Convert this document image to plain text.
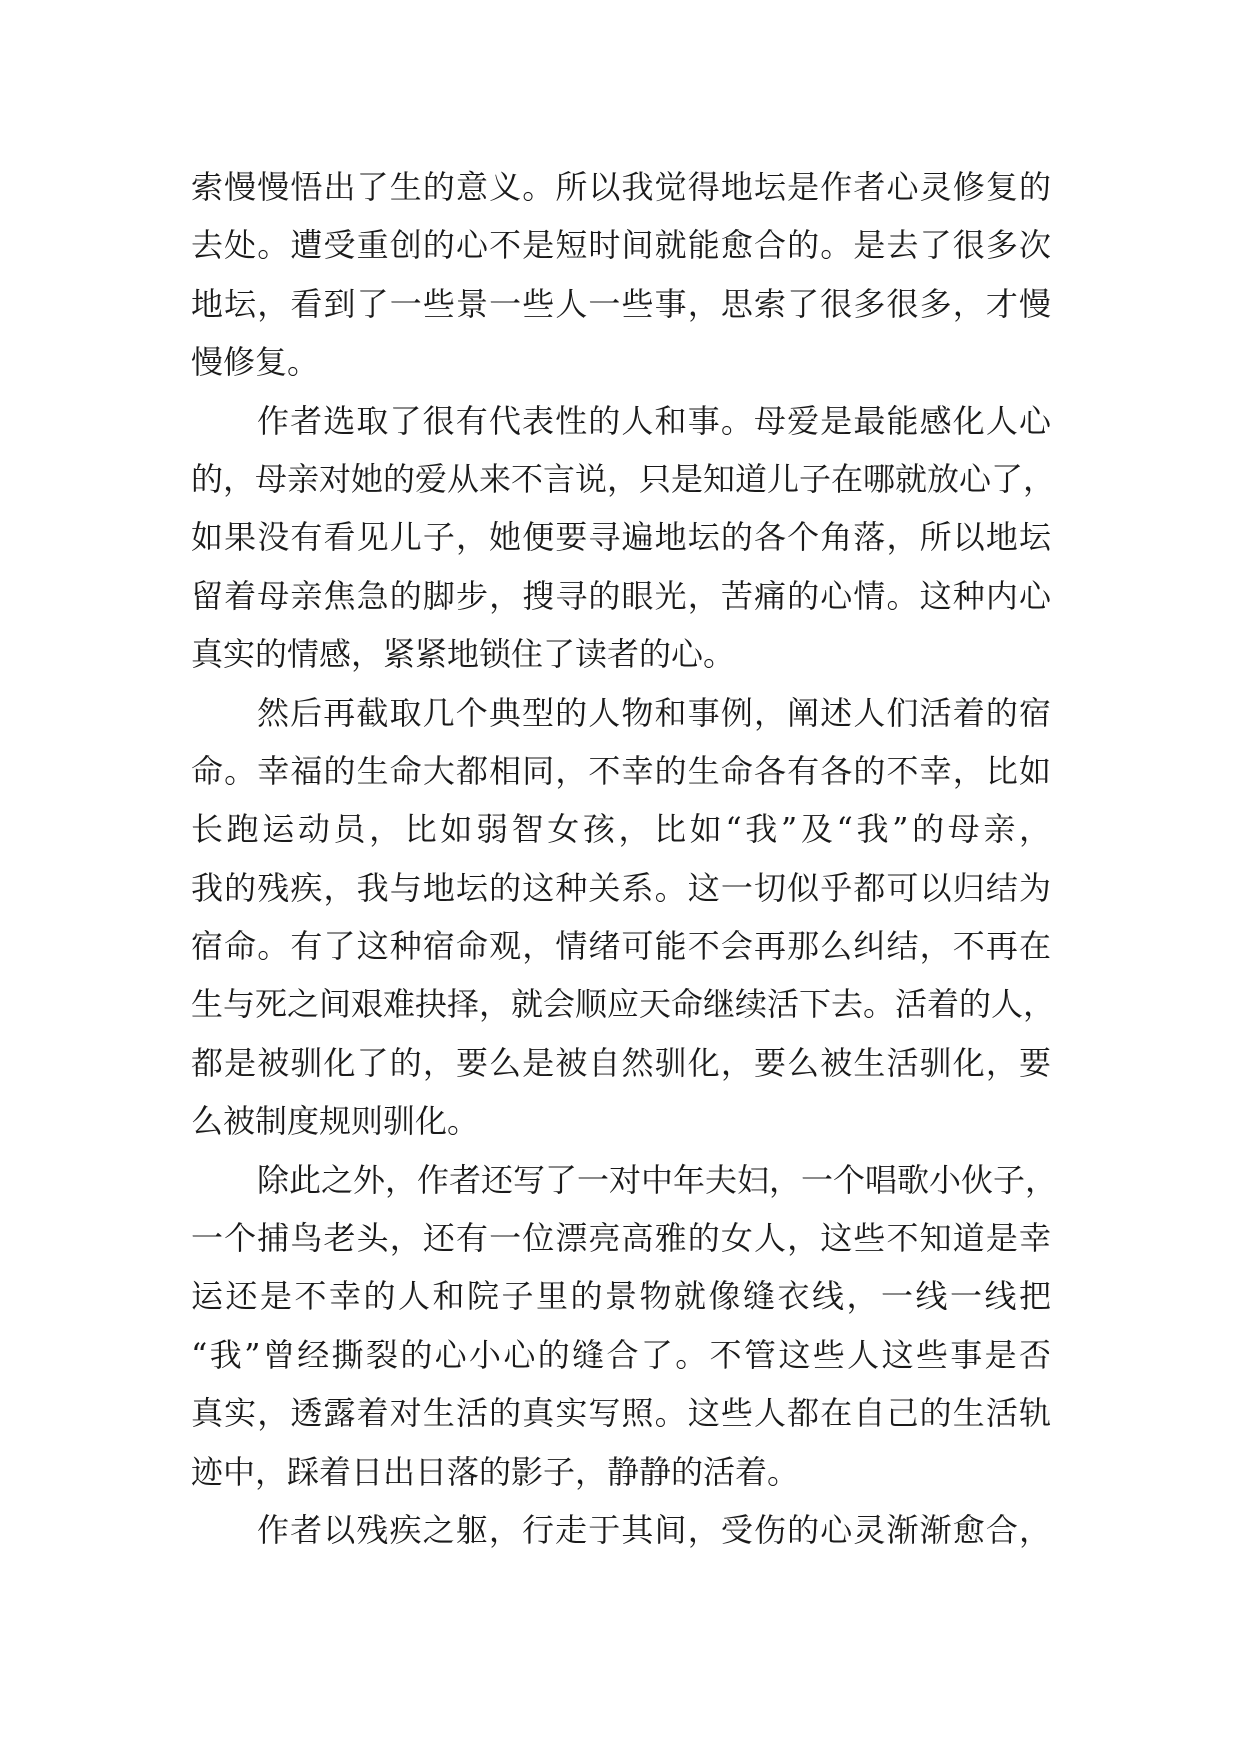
索慢慢悟出了生的意义。所以我觉得地坛是作者心灵修复的
去处。遭受重创的心不是短时间就能愈合的。是去了很多次
地坛，看到了一些景一些人一些事，思索了很多很多，才慢
慢修复。
作者选取了很有代表性的人和事。母爱是最能感化人心
的，母亲对她的爱从来不言说，只是知道儿子在哪就放心了，
如果没有看见儿子，她便要寻遍地坛的各个角落，所以地坛
留着母亲焦急的脚步，搜寻的眼光，苦痛的心情。这种内心
真实的情感，紧紧地锁住了读者的心。
然后再截取几个典型的人物和事例，阐述人们活着的宿
命。幸福的生命大都相同，不幸的生命各有各的不幸，比如
长跑运动员，比如弱智女孩，比如“我”及“我”的母亲，
我的残疾，我与地坛的这种关系。这一切似乎都可以归结为
宿命。有了这种宿命观，情绪可能不会再那么纠结，不再在
生与死之间艰难抉择，就会顺应天命继续活下去。活着的人，
都是被驯化了的，要么是被自然驯化，要么被生活驯化，要
么被制度规则驯化。
除此之外，作者还写了一对中年夫妇，一个唱歌小伙子，
一个捕鸟老头，还有一位漂亮高雅的女人，这些不知道是幸
运还是不幸的人和院子里的景物就像缝衣线，一线一线把
“我”曾经撕裂的心小心的缝合了。不管这些人这些事是否
真实，透露着对生活的真实写照。这些人都在自己的生活轨
迹中，踩着日出日落的影子，静静的活着。
作者以残疾之躯，行走于其间，受伤的心灵渐渐愈合，
